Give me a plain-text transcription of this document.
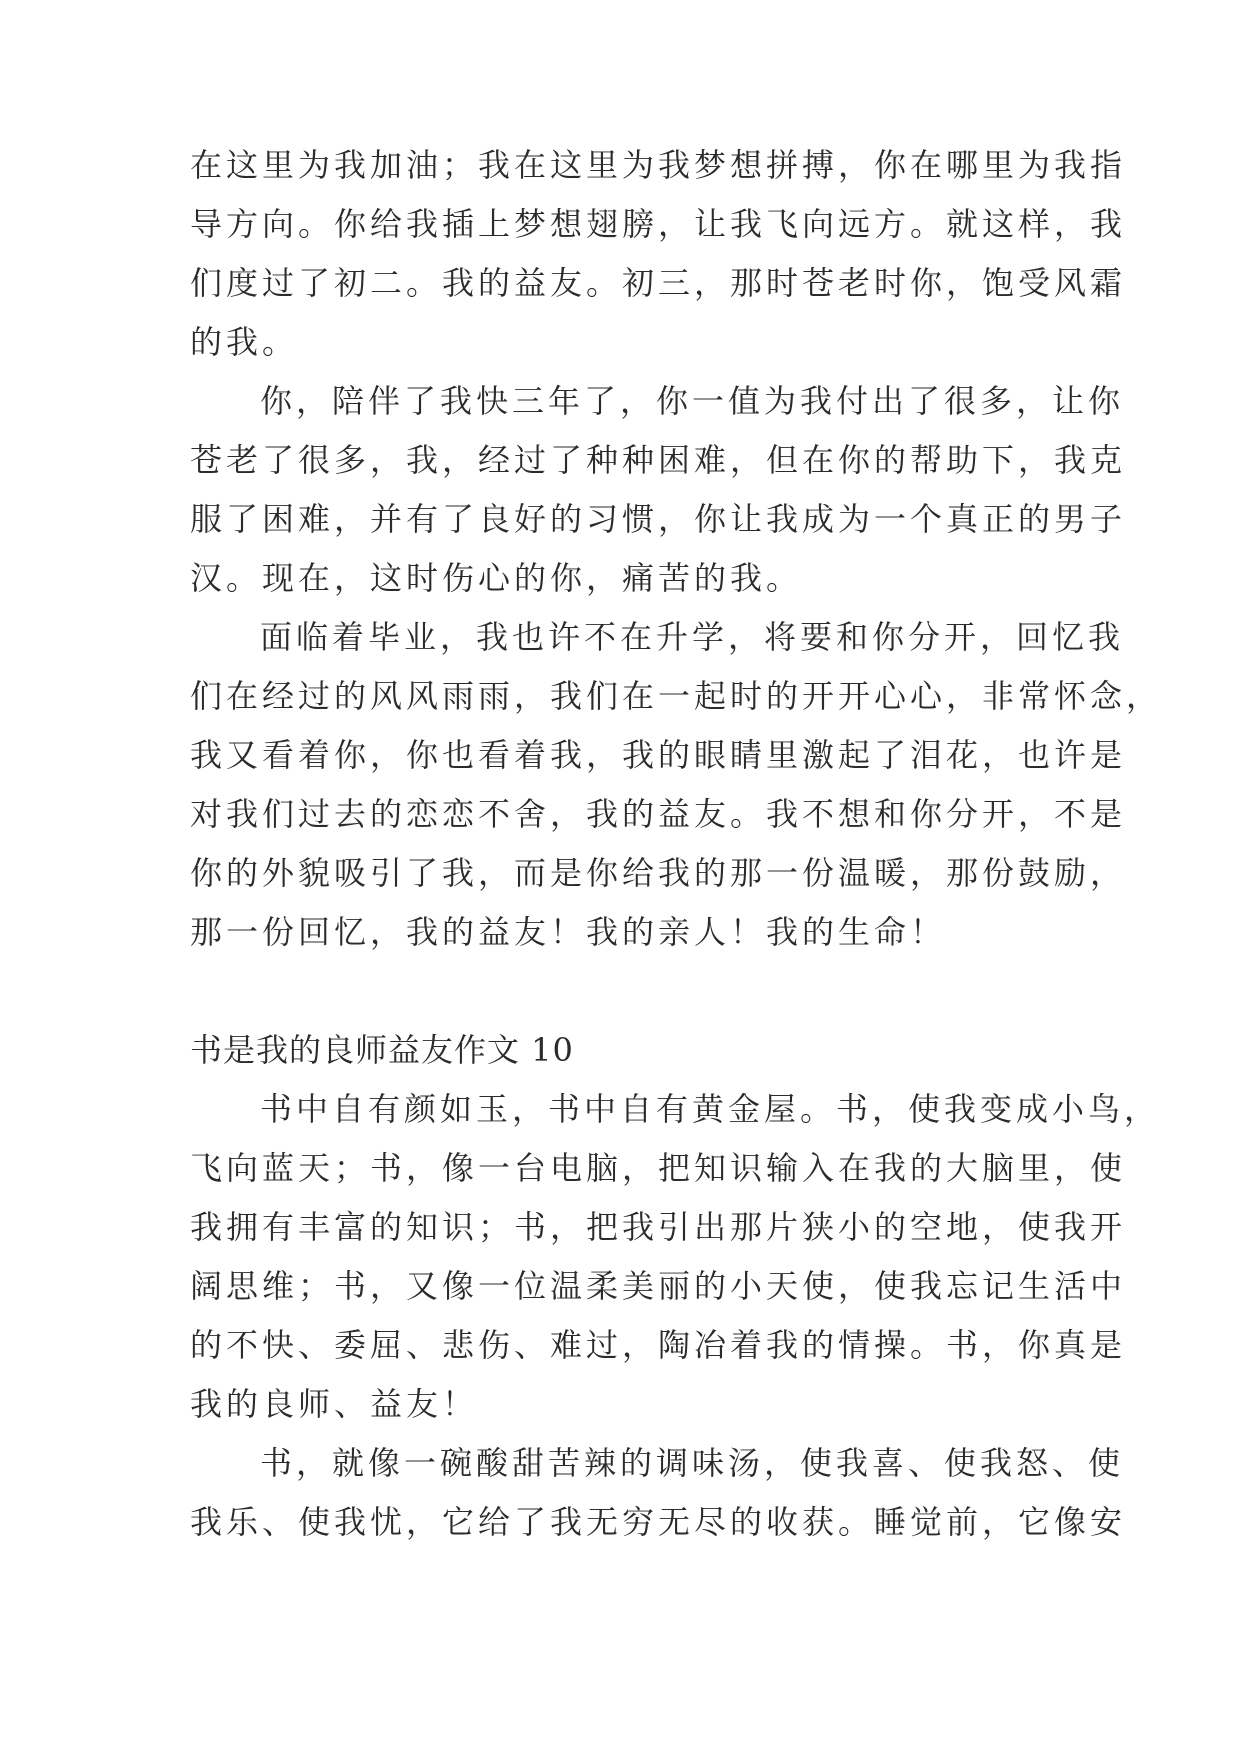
在这里为我加油；我在这里为我梦想拼搏，你在哪里为我指
导方向。你给我插上梦想翅膀，让我飞向远方。就这样，我
们度过了初二。我的益友。初三，那时苍老时你，饱受风霜
的我。
你，陪伴了我快三年了，你一值为我付出了很多，让你
苍老了很多，我，经过了种种困难，但在你的帮助下，我克
服了困难，并有了良好的习惯，你让我成为一个真正的男子
汉。现在，这时伤心的你，痛苦的我。
面临着毕业，我也许不在升学，将要和你分开，回忆我
们在经过的风风雨雨，我们在一起时的开开心心，非常怀念，
我又看着你，你也看着我，我的眼睛里激起了泪花，也许是
对我们过去的恋恋不舍，我的益友。我不想和你分开，不是
你的外貌吸引了我，而是你给我的那一份温暖，那份鼓励，
那一份回忆，我的益友！我的亲人！我的生命！
书是我的良师益友作文 10
书中自有颜如玉，书中自有黄金屋。书，使我变成小鸟，
飞向蓝天；书，像一台电脑，把知识输入在我的大脑里，使
我拥有丰富的知识；书，把我引出那片狭小的空地，使我开
阔思维；书，又像一位温柔美丽的小天使，使我忘记生活中
的不快、委屈、悲伤、难过，陶冶着我的情操。书，你真是
我的良师、益友！
书，就像一碗酸甜苦辣的调味汤，使我喜、使我怒、使
我乐、使我忧，它给了我无穷无尽的收获。睡觉前，它像安
